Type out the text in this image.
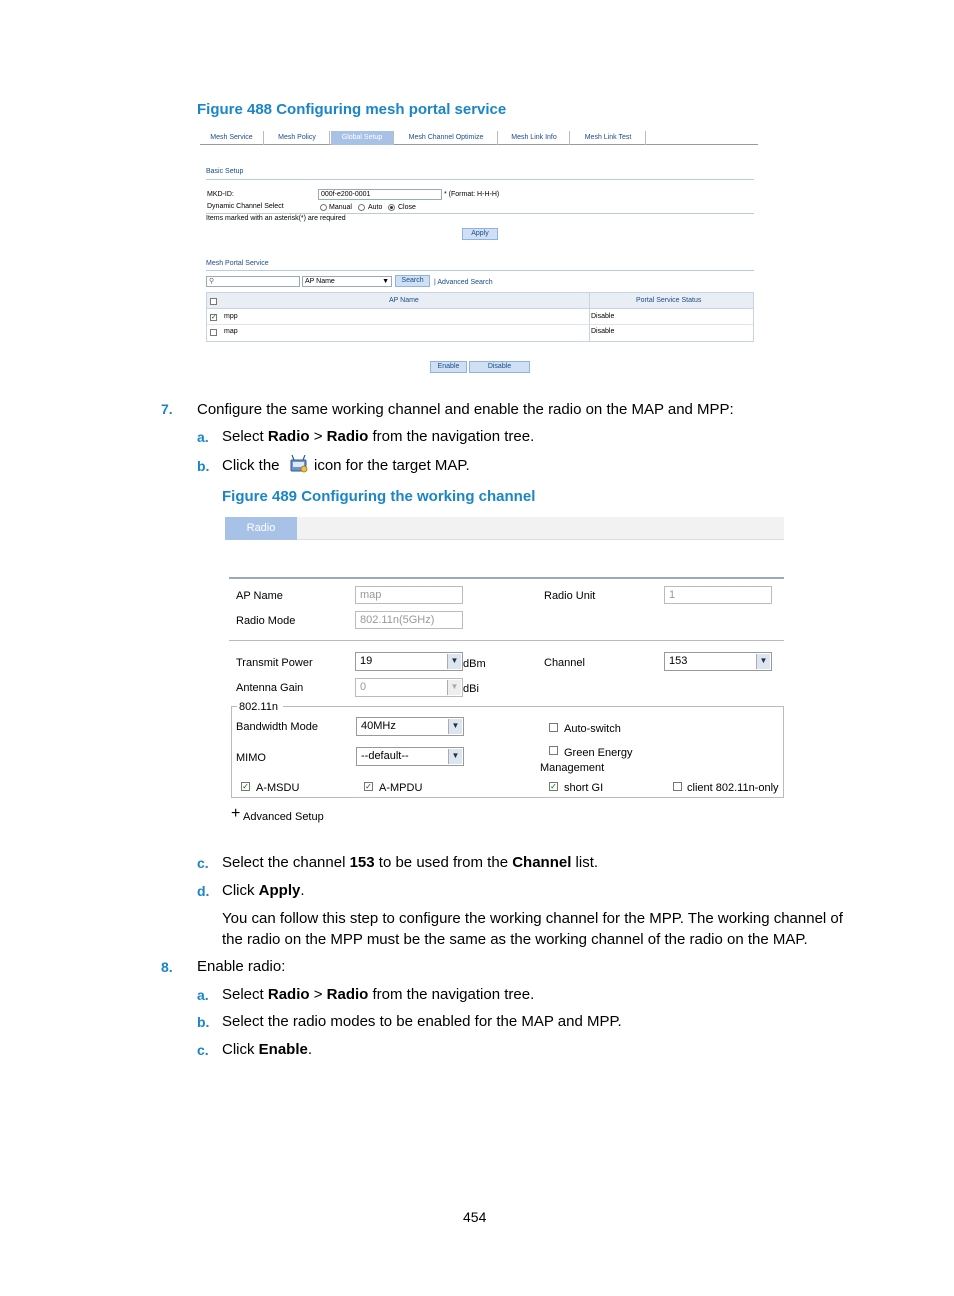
Figure 488 Configuring mesh portal service
Mesh Service	Mesh Policy	Global Setup	Mesh Channel Optimize	Mesh Link Info	Mesh Link Test
Basic Setup
MKD-ID:	000f-e200-0001	* (Format: H-H-H)
Dynamic Channel Select	Manual Auto Close
Items marked with an asterisk(*) are required
Apply
Mesh Portal Service
⚲	AP Name	▼	Search	| Advanced Search
AP Name	Portal Service Status
✓ mpp	Disable
map	Disable
Enable	Disable
7. Configure the same working channel and enable the radio on the MAP and MPP:
a. Select Radio > Radio from the navigation tree.
b. Click the icon for the target MAP.
Figure 489 Configuring the working channel
Radio
AP Name	map	Radio Unit	1
Radio Mode	802.11n(5GHz)
Transmit Power	19	▼ dBm	Channel	153	▼
Antenna Gain	0	▼ dBi
802.11n
Bandwidth Mode	40MHz	▼	Auto-switch
MIMO	--default--	▼	Green Energy
Management
✓ A-MSDU	✓ A-MPDU	✓ short GI	client 802.11n-only
+ Advanced Setup
c. Select the channel 153 to be used from the Channel list.
d. Click Apply.
You can follow this step to configure the working channel for the MPP. The working channel of
the radio on the MPP must be the same as the working channel of the radio on the MAP.
8. Enable radio:
a. Select Radio > Radio from the navigation tree.
b. Select the radio modes to be enabled for the MAP and MPP.
c. Click Enable.
454
